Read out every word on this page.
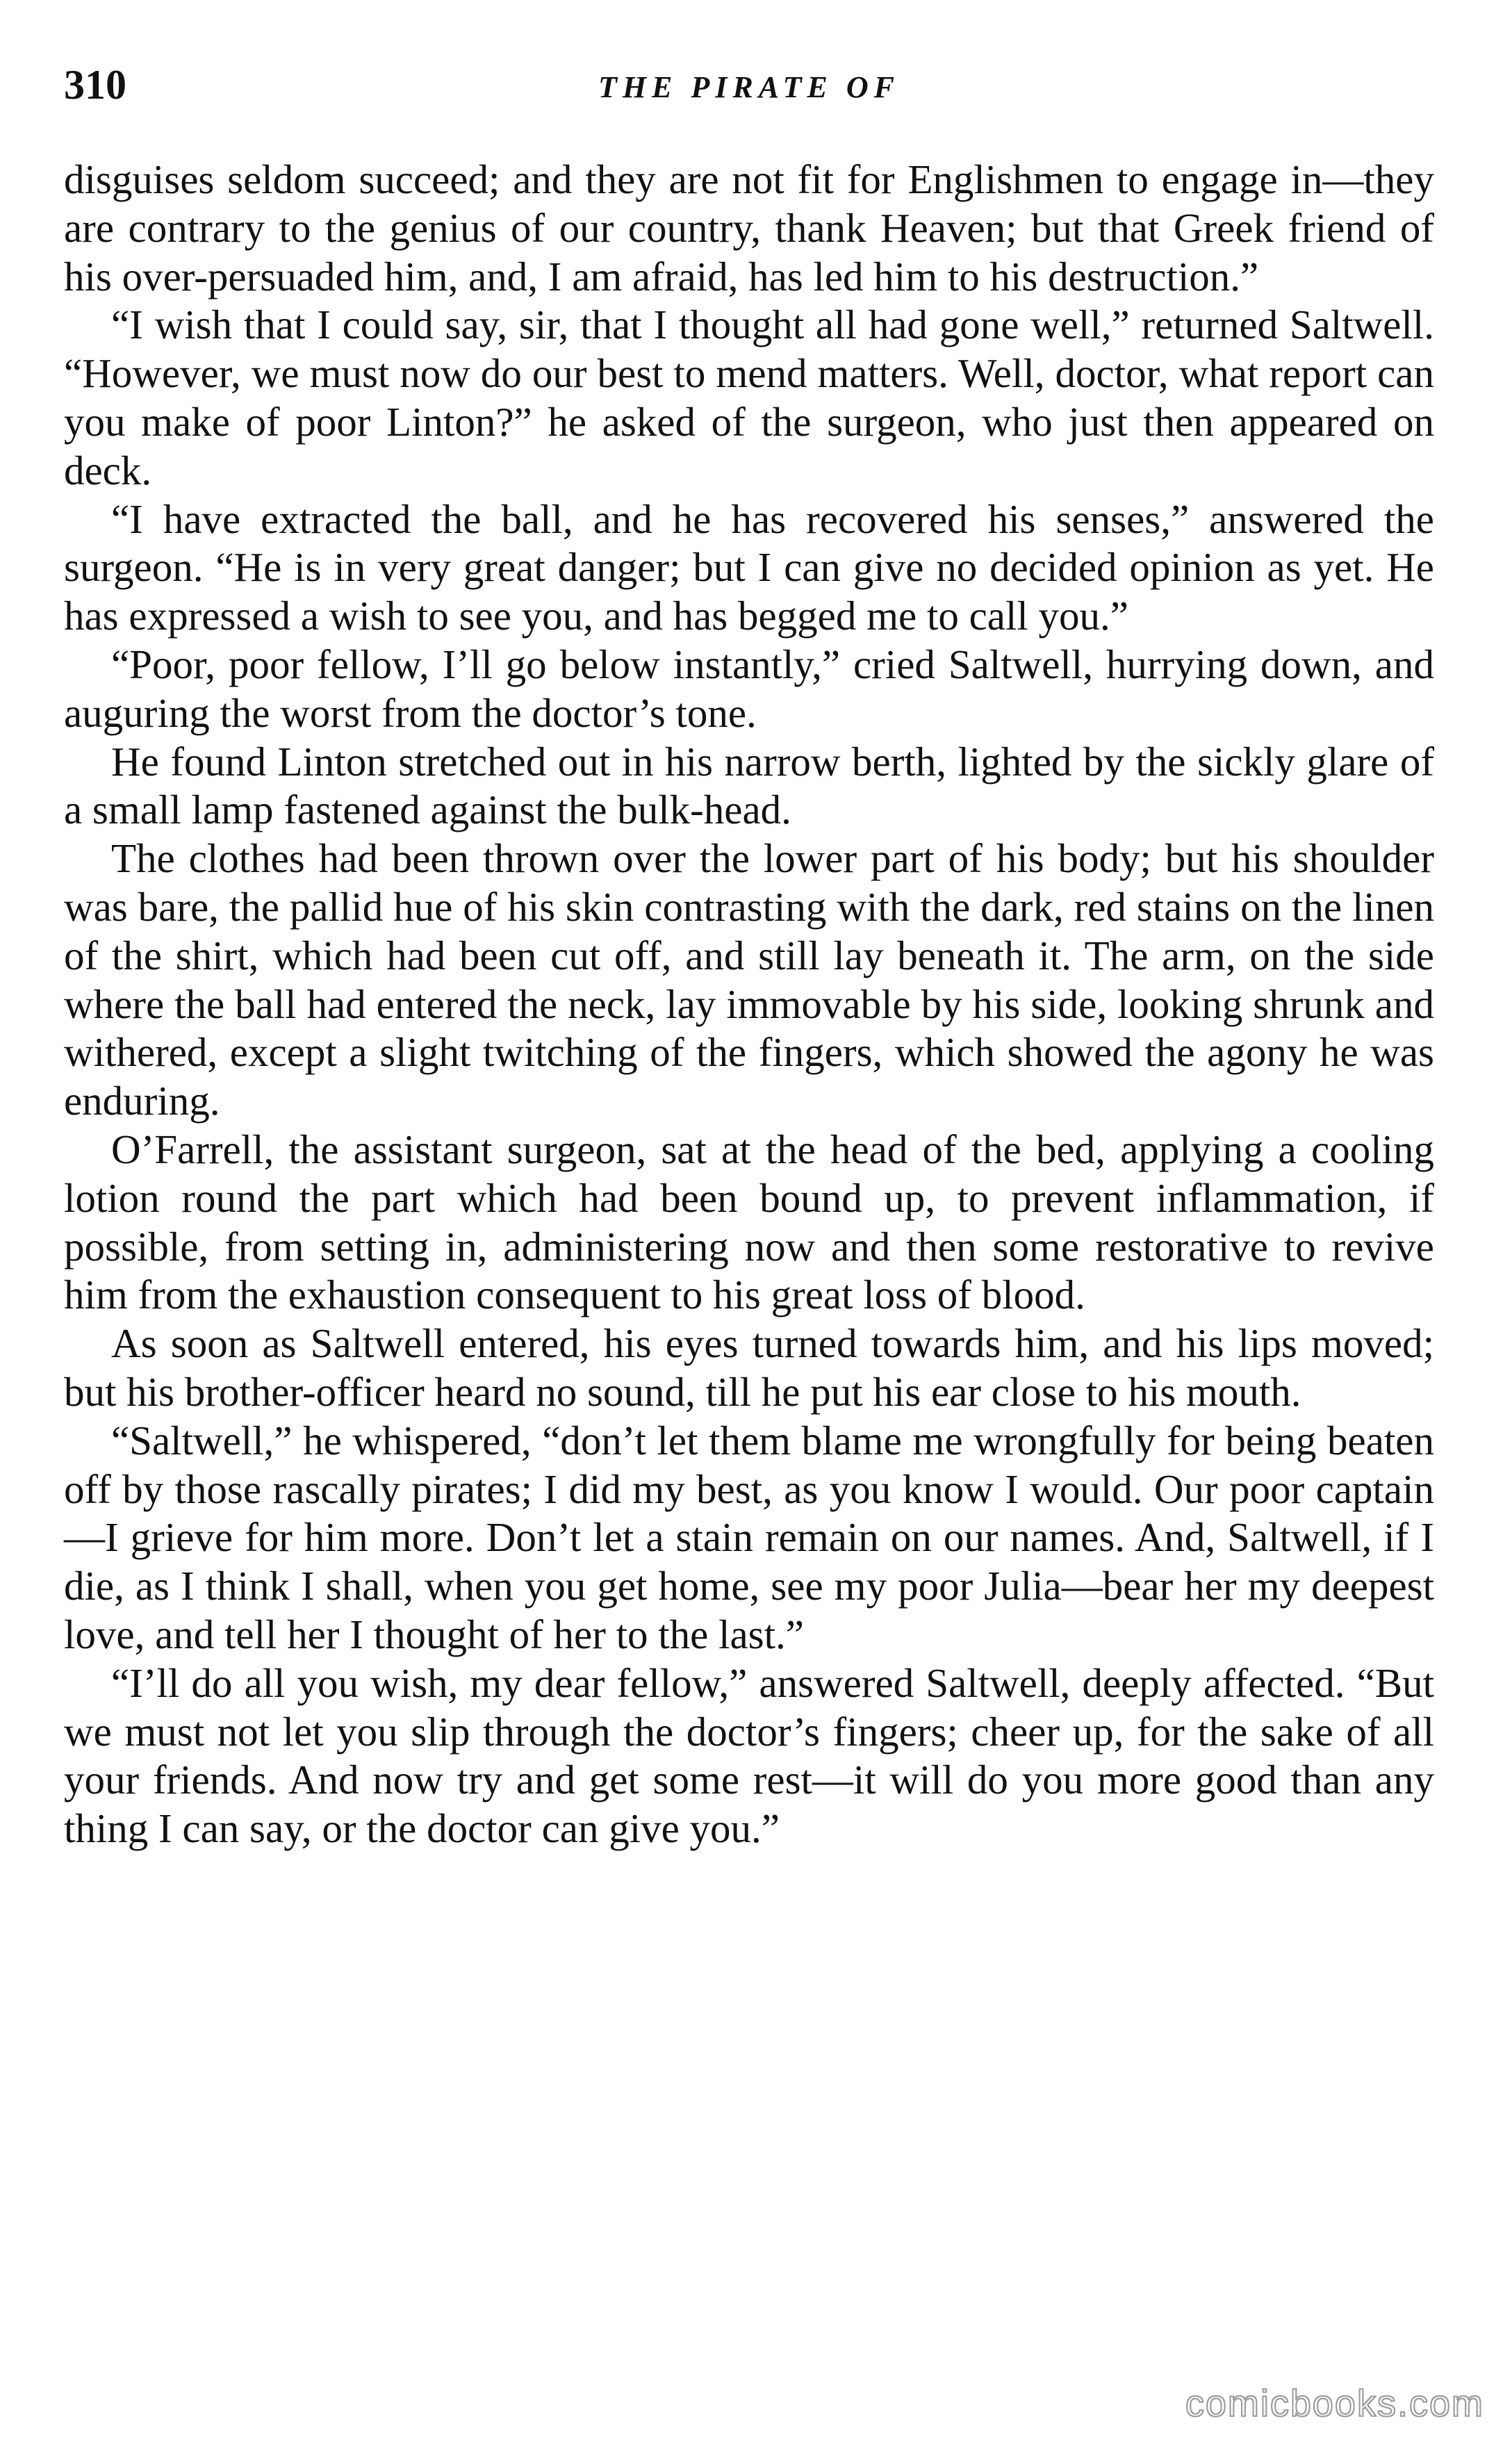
310	THE PIRATE OF

disguises seldom succeed; and they are not fit for Englishmen to engage in—they are contrary to the genius of our country, thank Heaven; but that Greek friend of his over-persuaded him, and, I am afraid, has led him to his destruction.”

“I wish that I could say, sir, that I thought all had gone well,” returned Saltwell. “However, we must now do our best to mend matters. Well, doctor, what report can you make of poor Linton?” he asked of the surgeon, who just then appeared on deck.

“I have extracted the ball, and he has recovered his senses,” answered the surgeon. “He is in very great danger; but I can give no decided opinion as yet. He has expressed a wish to see you, and has begged me to call you.”

“Poor, poor fellow, I’ll go below instantly,” cried Saltwell, hurrying down, and auguring the worst from the doctor’s tone.

He found Linton stretched out in his narrow berth, lighted by the sickly glare of a small lamp fastened against the bulk-head.

The clothes had been thrown over the lower part of his body; but his shoulder was bare, the pallid hue of his skin contrasting with the dark, red stains on the linen of the shirt, which had been cut off, and still lay beneath it. The arm, on the side where the ball had entered the neck, lay immovable by his side, looking shrunk and withered, except a slight twitching of the fingers, which showed the agony he was enduring.

O’Farrell, the assistant surgeon, sat at the head of the bed, applying a cooling lotion round the part which had been bound up, to prevent inflammation, if possible, from setting in, administering now and then some restorative to revive him from the exhaustion consequent to his great loss of blood.

As soon as Saltwell entered, his eyes turned towards him, and his lips moved; but his brother-officer heard no sound, till he put his ear close to his mouth.

“Saltwell,” he whispered, “don’t let them blame me wrongfully for being beaten off by those rascally pirates; I did my best, as you know I would. Our poor captain—I grieve for him more. Don’t let a stain remain on our names. And, Saltwell, if I die, as I think I shall, when you get home, see my poor Julia—bear her my deepest love, and tell her I thought of her to the last.”

“I’ll do all you wish, my dear fellow,” answered Saltwell, deeply affected. “But we must not let you slip through the doctor’s fingers; cheer up, for the sake of all your friends. And now try and get some rest—it will do you more good than any thing I can say, or the doctor can give you.”

comicbooks.com
